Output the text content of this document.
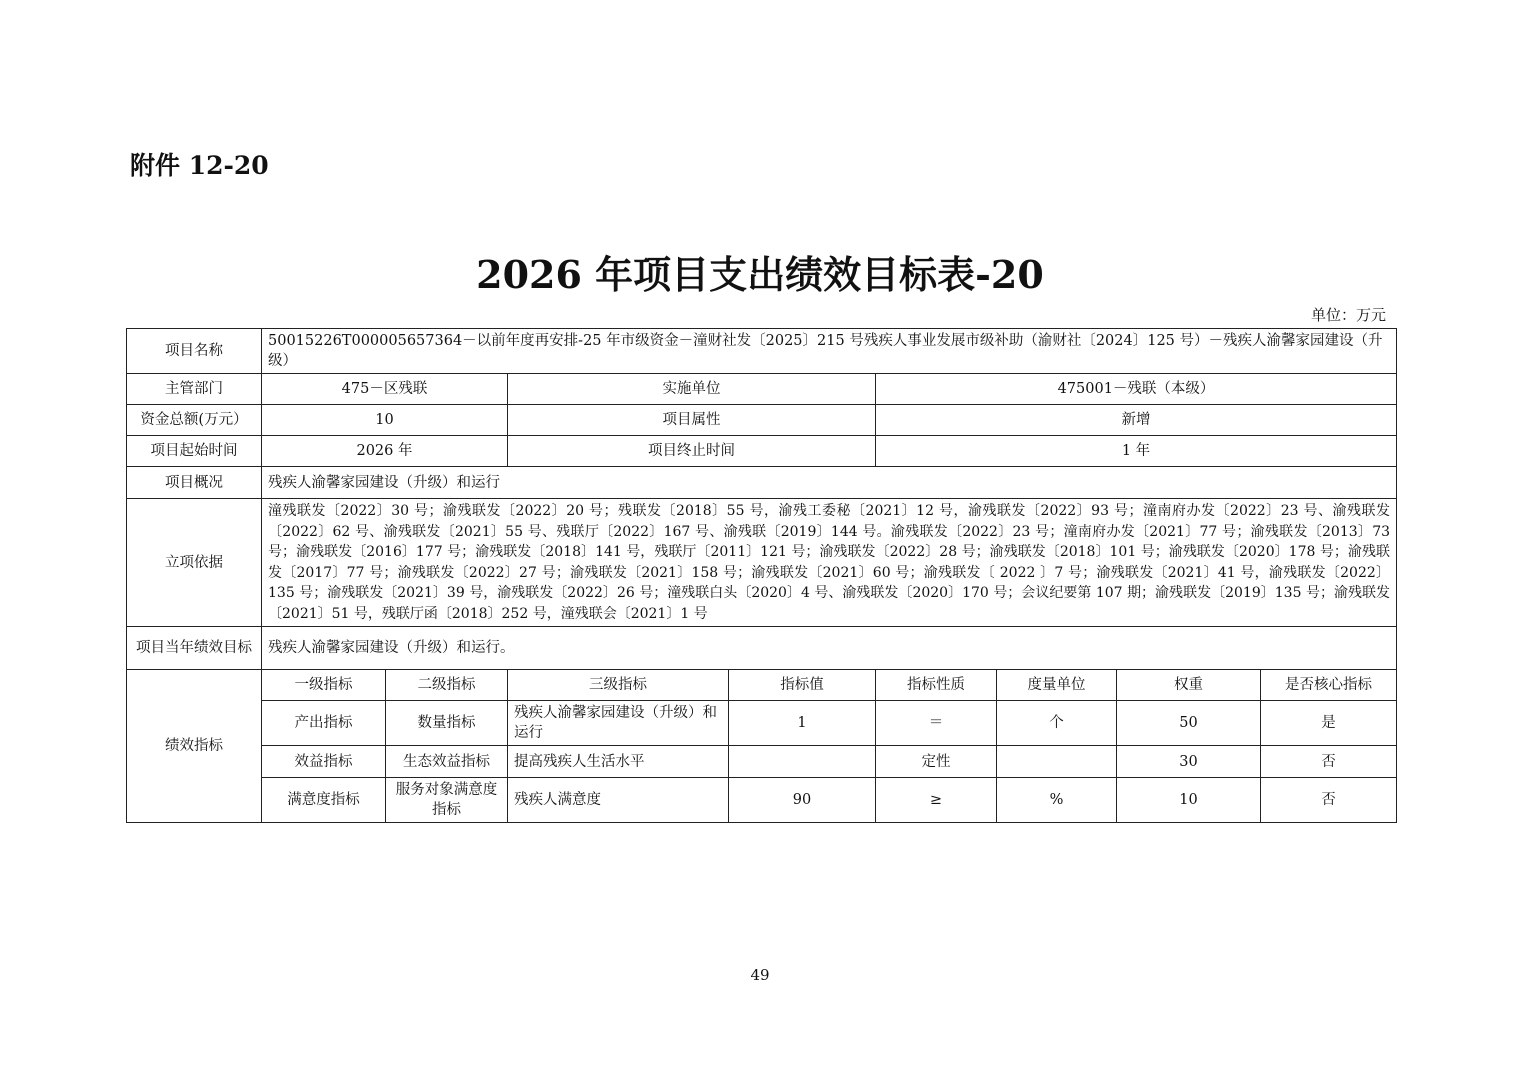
附件 12-20
2026 年项目支出绩效目标表-20
单位：万元
项目名称	50015226T000005657364－以前年度再安排-25 年市级资金－潼财社发〔2025〕215 号残疾人事业发展市级补助（渝财社〔2024〕125 号）－残疾人渝馨家园建设（升级）							
主管部门	475－区残联		实施单位		475001－残联（本级）			
资金总额(万元）	10		项目属性		新增			
项目起始时间	2026 年		项目终止时间		1 年			
项目概况	残疾人渝馨家园建设（升级）和运行							
立项依据	潼残联发〔2022〕30 号；渝残联发〔2022〕20 号；残联发〔2018〕55 号，渝残工委秘〔2021〕12 号，渝残联发〔2022〕93 号；潼南府办发〔2022〕23 号、渝残联发〔2022〕62 号、渝残联发〔2021〕55 号、残联厅〔2022〕167 号、渝残联〔2019〕144 号。渝残联发〔2022〕23 号；潼南府办发〔2021〕77 号；渝残联发〔2013〕73 号；渝残联发〔2016〕177 号；渝残联发〔2018〕141 号，残联厅〔2011〕121 号；渝残联发〔2022〕28 号；渝残联发〔2018〕101 号；渝残联发〔2020〕178 号；渝残联发〔2017〕77 号；渝残联发〔2022〕27 号；渝残联发〔2021〕158 号；渝残联发〔2021〕60 号；渝残联发〔 2022 〕7 号；渝残联发〔2021〕41 号，渝残联发〔2022〕135 号；渝残联发〔2021〕39 号，渝残联发〔2022〕26 号；潼残联白头〔2020〕4 号、渝残联发〔2020〕170 号；会议纪要第 107 期；渝残联发〔2019〕135 号；渝残联发〔2021〕51 号，残联厅函〔2018〕252 号，潼残联会〔2021〕1 号							
项目当年绩效目标	残疾人渝馨家园建设（升级）和运行。							
绩效指标	一级指标	二级指标	三级指标	指标值	指标性质	度量单位	权重	是否核心指标
	产出指标	数量指标	残疾人渝馨家园建设（升级）和运行	1	＝	个	50	是
	效益指标	生态效益指标	提高残疾人生活水平		定性		30	否
	满意度指标	服务对象满意度指标	残疾人满意度	90	≥	%	10	否
49
